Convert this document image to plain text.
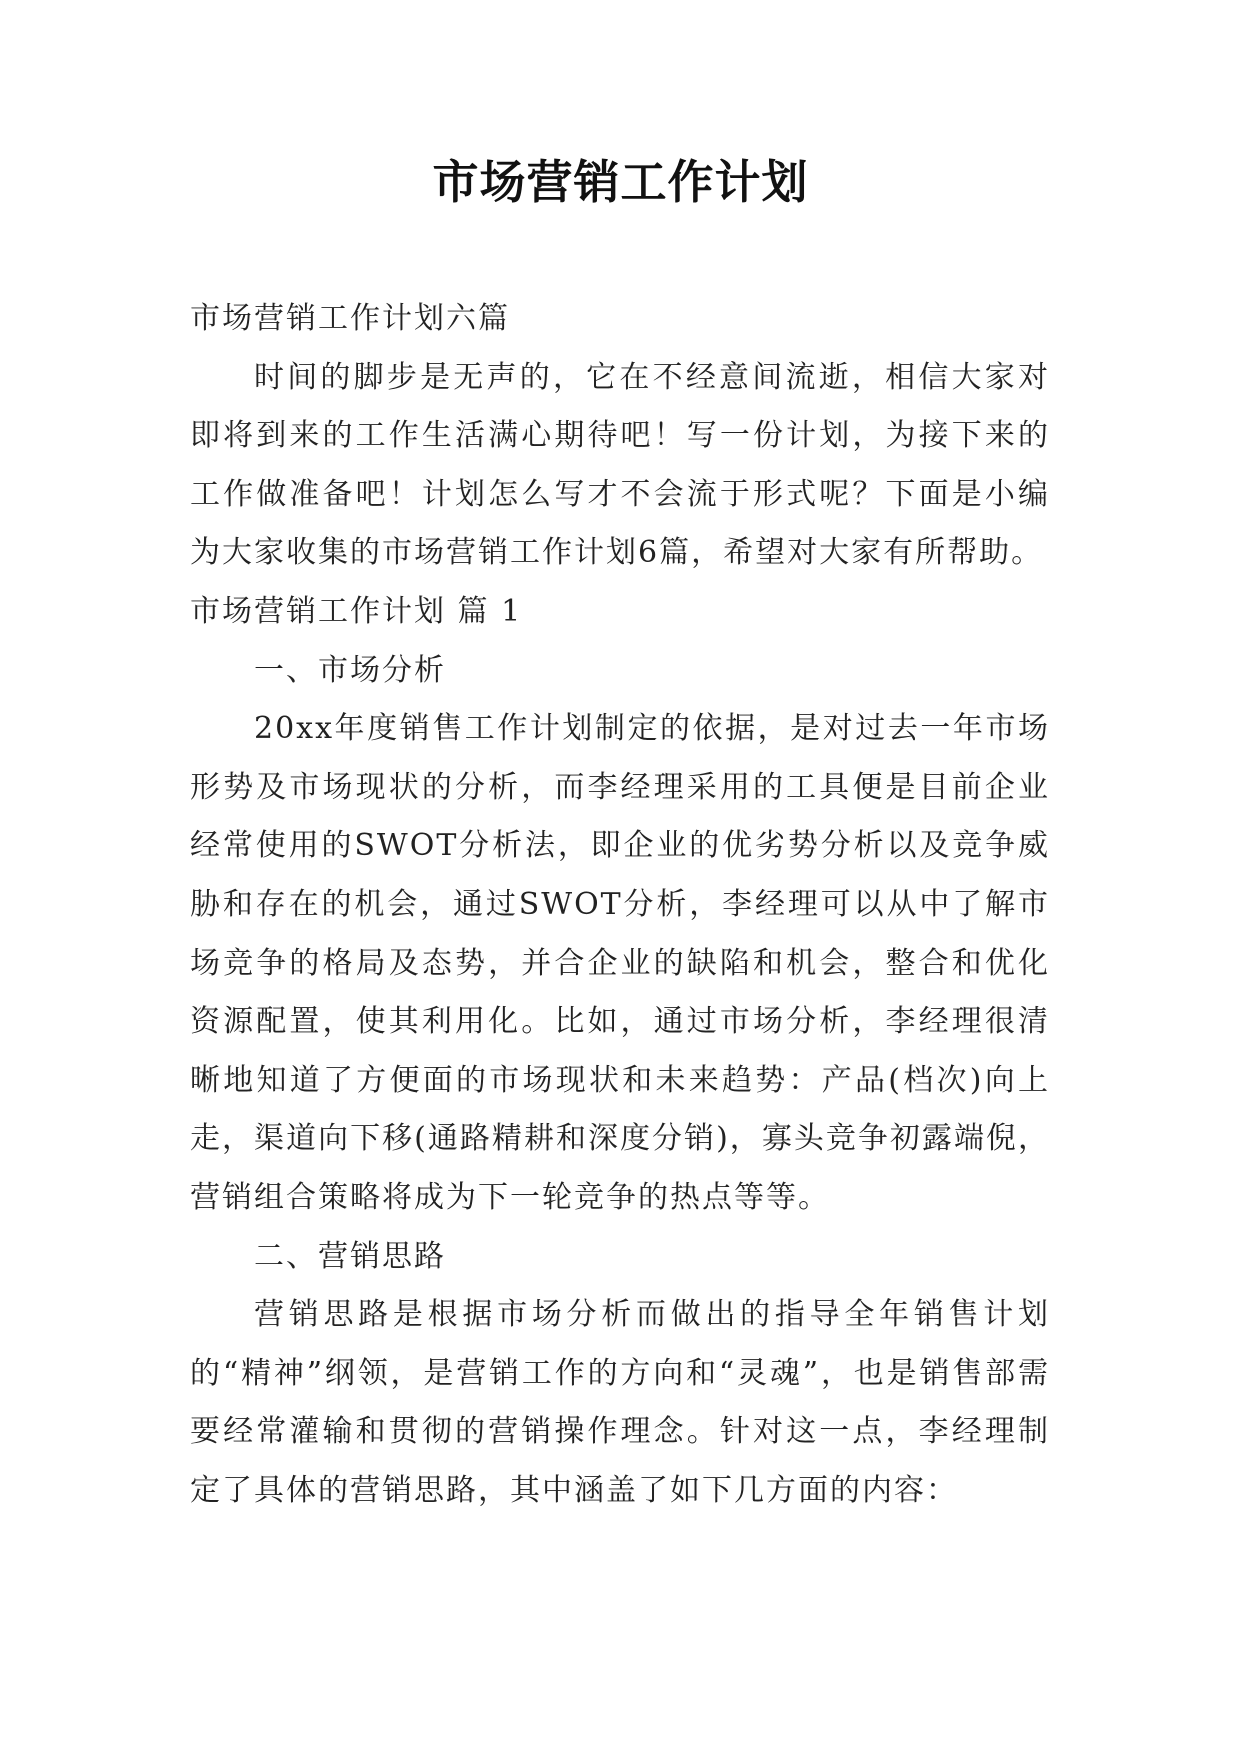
市场营销工作计划

市场营销工作计划六篇

时间的脚步是无声的，它在不经意间流逝，相信大家对即将到来的工作生活满心期待吧！写一份计划，为接下来的工作做准备吧！计划怎么写才不会流于形式呢？下面是小编为大家收集的市场营销工作计划6篇，希望对大家有所帮助。

市场营销工作计划 篇 1

一、市场分析

20xx年度销售工作计划制定的依据，是对过去一年市场形势及市场现状的分析，而李经理采用的工具便是目前企业经常使用的SWOT分析法，即企业的优劣势分析以及竞争威胁和存在的机会，通过SWOT分析，李经理可以从中了解市场竞争的格局及态势，并合企业的缺陷和机会，整合和优化资源配置，使其利用化。比如，通过市场分析，李经理很清晰地知道了方便面的市场现状和未来趋势：产品(档次)向上走，渠道向下移(通路精耕和深度分销)，寡头竞争初露端倪，营销组合策略将成为下一轮竞争的热点等等。

二、营销思路

营销思路是根据市场分析而做出的指导全年销售计划的“精神”纲领，是营销工作的方向和“灵魂”，也是销售部需要经常灌输和贯彻的营销操作理念。针对这一点，李经理制定了具体的营销思路，其中涵盖了如下几方面的内容：
